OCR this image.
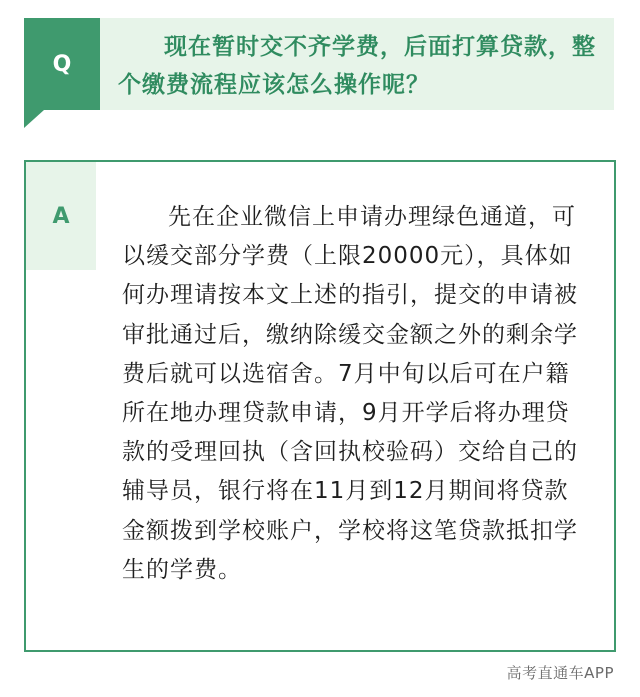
Q
现在暂时交不齐学费，后面打算贷款，整个缴费流程应该怎么操作呢？
A	先在企业微信上申请办理绿色通道，可以缓交部分学费（上限20000元），具体如何办理请按本文上述的指引，提交的申请被审批通过后，缴纳除缓交金额之外的剩余学费后就可以选宿舍。7月中旬以后可在户籍所在地办理贷款申请，9月开学后将办理贷款的受理回执（含回执校验码）交给自己的辅导员，银行将在11月到12月期间将贷款金额拨到学校账户，学校将这笔贷款抵扣学生的学费。
高考直通车APP
